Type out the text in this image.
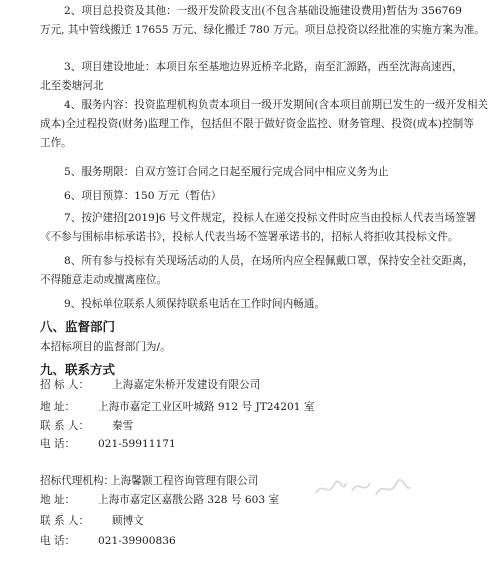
2、项目总投资及其他：一级开发阶段支出(不包含基础设施建设费用)暂估为 356769
万元, 其中管线搬迁 17655 万元、绿化搬迁 780 万元。项目总投资以经批准的实施方案为准。
3、项目建设地址：本项目东至基地边界近桥辛北路，南至汇源路，西至沈海高速西，
北至娄塘河北
4、服务内容：投资监理机构负责本项目一级开发期间(含本项目前期已发生的一级开发相关
成本)全过程投资(财务)监理工作，包括但不限于做好资金监控、财务管理、投资(成本)控制等
工作。
5、服务期限：自双方签订合同之日起至履行完成合同中相应义务为止
6、项目预算：150 万元（暂估）
7、按沪建招[2019]6 号文件规定，投标人在递交投标文件时应当由投标人代表当场签署
《不参与围标串标承诺书》，投标人代表当场不签署承诺书的，招标人将拒收其投标文件。
8、所有参与投标有关现场活动的人员，在场所内应全程佩戴口罩，保持安全社交距离，
不得随意走动或擅离座位。
9、投标单位联系人须保持联系电话在工作时间内畅通。
八、监督部门
本招标项目的监督部门为/。
九、联系方式
招 标 人： 上海嘉定朱桥开发建设有限公司
地 址： 上海市嘉定工业区叶城路 912 号 JT24201 室
联 系 人： 秦雪
电 话： 021-59911171
招标代理机构：
上海馨颢工程咨询管理有限公司
地 址： 上海市嘉定区嘉戬公路 328 号 603 室
联 系 人： 顾博文
电 话： 021-39900836
